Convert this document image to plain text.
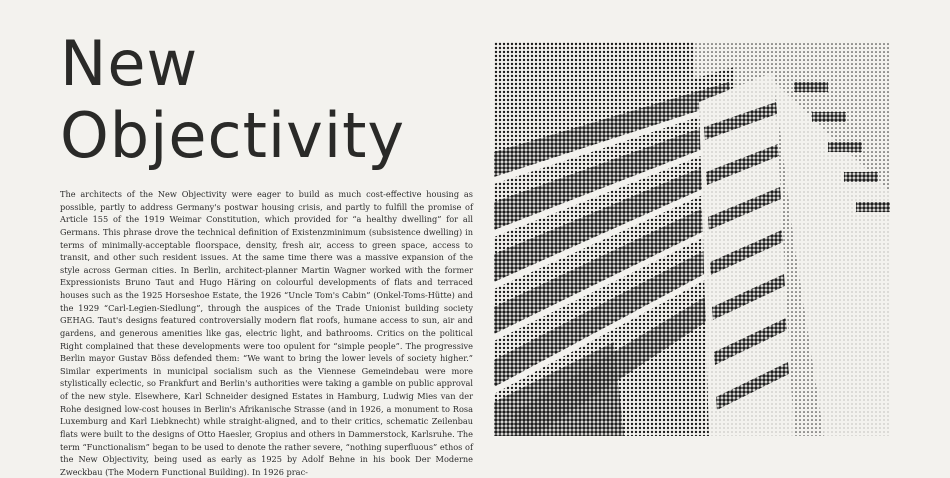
New
Objectivity

The architects of the New Objectivity were eager to build as much cost-effective housing as possible, partly to address Germany's postwar housing crisis, and partly to fulfill the promise of Article 155 of the 1919 Weimar Constitution, which provided for “a healthy dwelling” for all Germans. This phrase drove the technical definition of Existenzminimum (subsistence dwelling) in terms of minimally-acceptable floorspace, density, fresh air, access to green space, access to transit, and other such resident issues. At the same time there was a massive expansion of the style across German cities. In Berlin, architect-planner Martin Wagner worked with the former Expressionists Bruno Taut and Hugo Häring on colourful developments of flats and terraced houses such as the 1925 Horseshoe Estate, the 1926 “Uncle Tom's Cabin” (Onkel-Toms-Hütte) and the 1929 “Carl-Legien-Siedlung”, through the auspices of the Trade Unionist building society GEHAG. Taut's designs featured controversially modern flat roofs, humane access to sun, air and gardens, and generous amenities like gas, electric light, and bathrooms. Critics on the political Right complained that these developments were too opulent for “simple people”. The progressive Berlin mayor Gustav Böss defended them: “We want to bring the lower levels of society higher.” Similar experiments in municipal socialism such as the Viennese Gemeindebau were more stylistically eclectic, so Frankfurt and Berlin's authorities were taking a gamble on public approval of the new style. Elsewhere, Karl Schneider designed Estates in Hamburg, Ludwig Mies van der Rohe designed low-cost houses in Berlin's Afrikanische Strasse (and in 1926, a monument to Rosa Luxemburg and Karl Liebknecht) while straight-aligned, and to their critics, schematic Zeilenbau flats were built to the designs of Otto Haesler, Gropius and others in Dammerstock, Karlsruhe. The term “Functionalism” began to be used to denote the rather severe, “nothing superfluous” ethos of the New Objectivity, being used as early as 1925 by Adolf Behne in his book Der Moderne Zweckbau (The Modern Functional Building). In 1926 prac-
